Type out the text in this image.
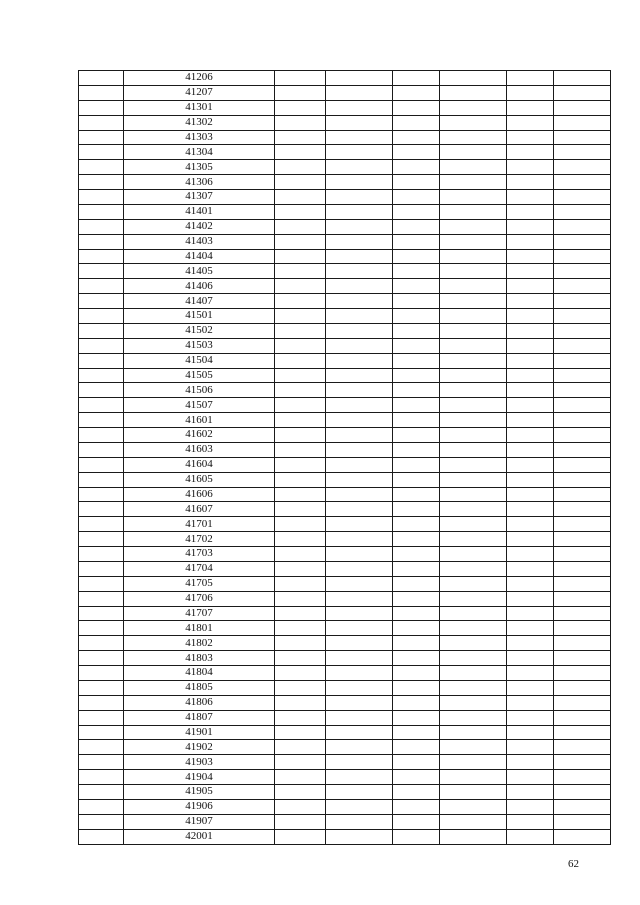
	41206						
	41207						
	41301						
	41302						
	41303						
	41304						
	41305						
	41306						
	41307						
	41401						
	41402						
	41403						
	41404						
	41405						
	41406						
	41407						
	41501						
	41502						
	41503						
	41504						
	41505						
	41506						
	41507						
	41601						
	41602						
	41603						
	41604						
	41605						
	41606						
	41607						
	41701						
	41702						
	41703						
	41704						
	41705						
	41706						
	41707						
	41801						
	41802						
	41803						
	41804						
	41805						
	41806						
	41807						
	41901						
	41902						
	41903						
	41904						
	41905						
	41906						
	41907						
	42001						
62
